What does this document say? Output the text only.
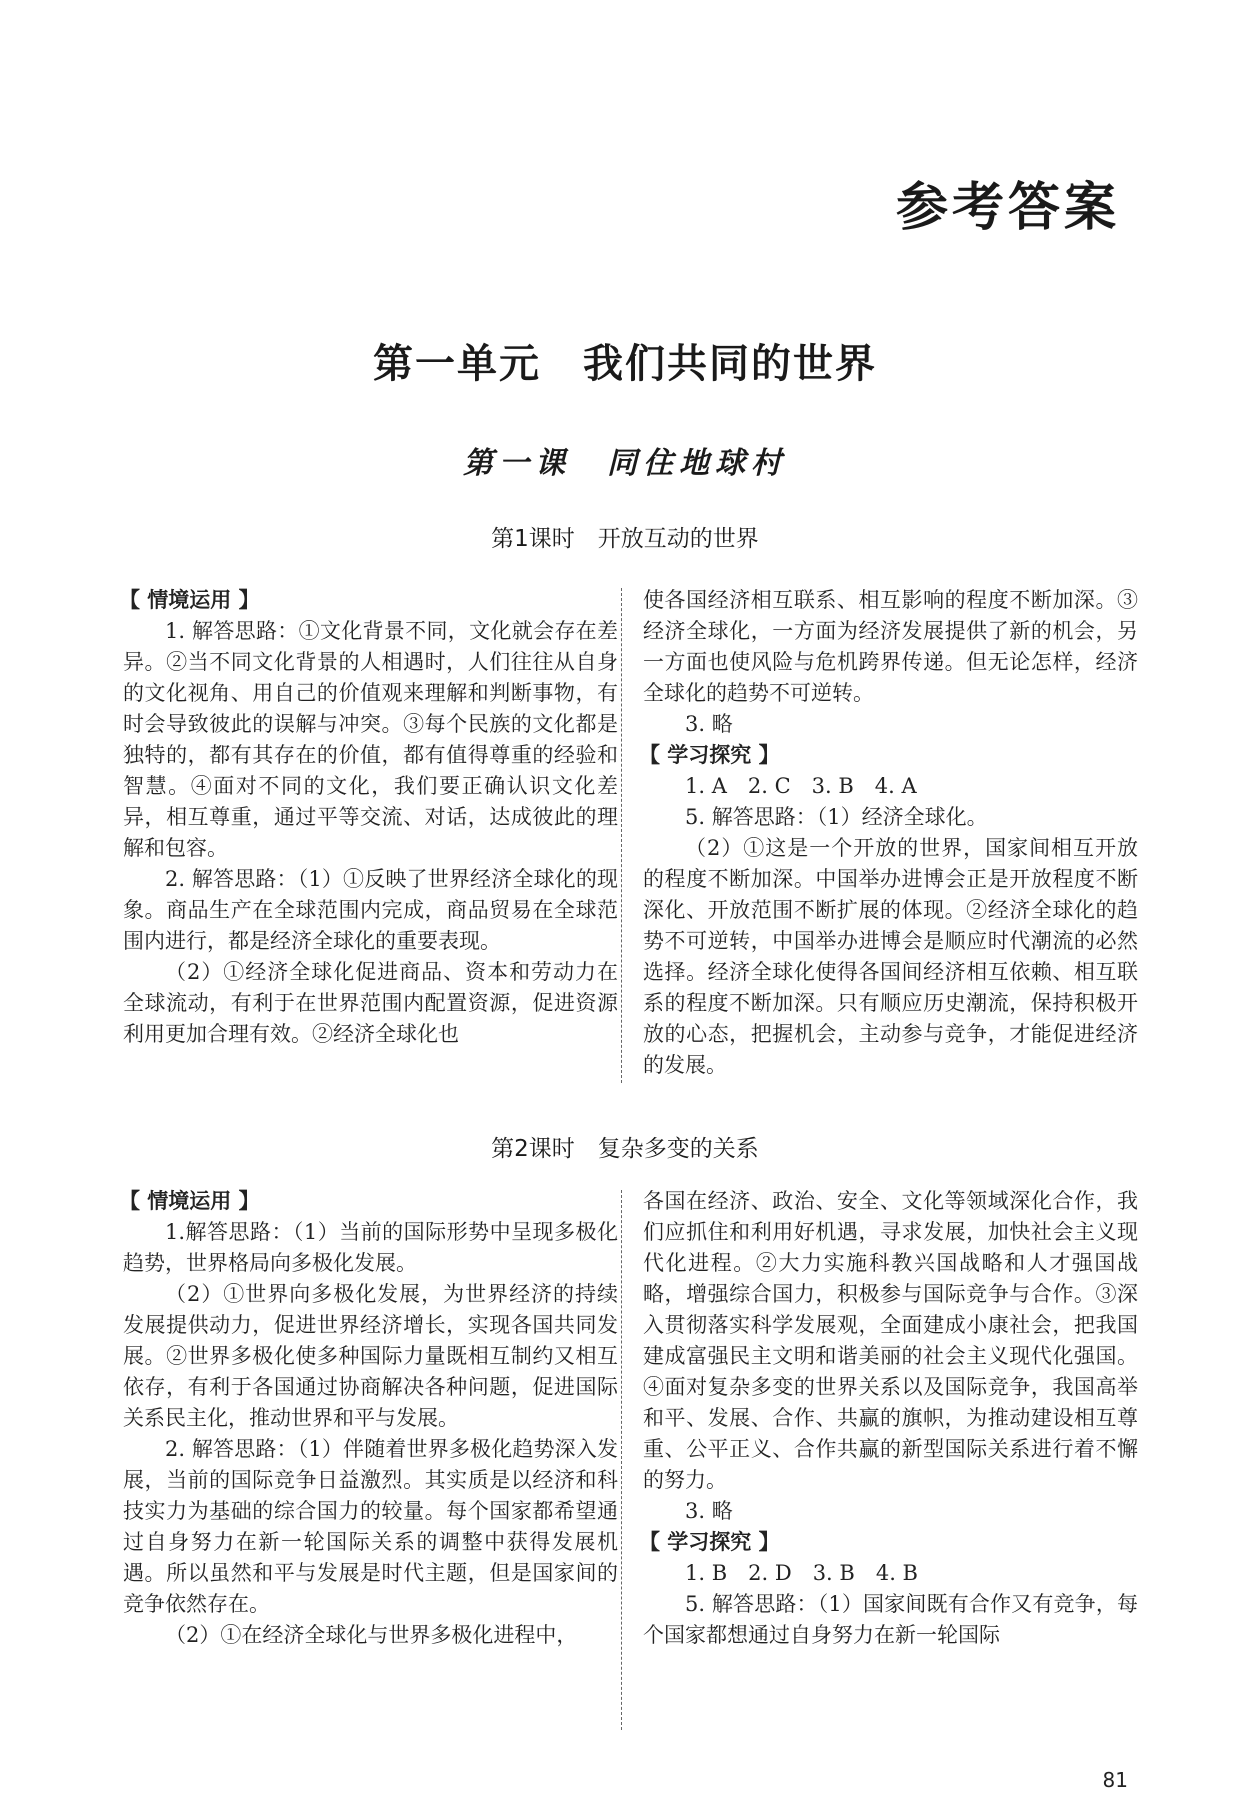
参考答案
第一单元　我们共同的世界
第一课　同住地球村
第1课时　开放互动的世界

【 情境运用 】

1. 解答思路：①文化背景不同，文化就会存在差异。②当不同文化背景的人相遇时，人们往往从自身的文化视角、用自己的价值观来理解和判断事物，有时会导致彼此的误解与冲突。③每个民族的文化都是独特的，都有其存在的价值，都有值得尊重的经验和智慧。④面对不同的文化，我们要正确认识文化差异，相互尊重，通过平等交流、对话，达成彼此的理解和包容。

2. 解答思路：（1）①反映了世界经济全球化的现象。商品生产在全球范围内完成，商品贸易在全球范围内进行，都是经济全球化的重要表现。

（2）①经济全球化促进商品、资本和劳动力在全球流动，有利于在世界范围内配置资源，促进资源利用更加合理有效。②经济全球化也

使各国经济相互联系、相互影响的程度不断加深。③经济全球化，一方面为经济发展提供了新的机会，另一方面也使风险与危机跨界传递。但无论怎样，经济全球化的趋势不可逆转。

3. 略

【 学习探究 】

1. A　2. C　3. B　4. A

5. 解答思路：（1）经济全球化。

（2）①这是一个开放的世界，国家间相互开放的程度不断加深。中国举办进博会正是开放程度不断深化、开放范围不断扩展的体现。②经济全球化的趋势不可逆转，中国举办进博会是顺应时代潮流的必然选择。经济全球化使得各国间经济相互依赖、相互联系的程度不断加深。只有顺应历史潮流，保持积极开放的心态，把握机会，主动参与竞争，才能促进经济的发展。

第2课时　复杂多变的关系

【 情境运用 】

1.解答思路：（1）当前的国际形势中呈现多极化趋势，世界格局向多极化发展。

（2）①世界向多极化发展，为世界经济的持续发展提供动力，促进世界经济增长，实现各国共同发展。②世界多极化使多种国际力量既相互制约又相互依存，有利于各国通过协商解决各种问题，促进国际关系民主化，推动世界和平与发展。

2. 解答思路：（1）伴随着世界多极化趋势深入发展，当前的国际竞争日益激烈。其实质是以经济和科技实力为基础的综合国力的较量。每个国家都希望通过自身努力在新一轮国际关系的调整中获得发展机遇。所以虽然和平与发展是时代主题，但是国家间的竞争依然存在。

（2）①在经济全球化与世界多极化进程中，

各国在经济、政治、安全、文化等领域深化合作，我们应抓住和利用好机遇，寻求发展，加快社会主义现代化进程。②大力实施科教兴国战略和人才强国战略，增强综合国力，积极参与国际竞争与合作。③深入贯彻落实科学发展观，全面建成小康社会，把我国建成富强民主文明和谐美丽的社会主义现代化强国。④面对复杂多变的世界关系以及国际竞争，我国高举和平、发展、合作、共赢的旗帜，为推动建设相互尊重、公平正义、合作共赢的新型国际关系进行着不懈的努力。

3. 略

【 学习探究 】

1. B　2. D　3. B　4. B

5. 解答思路：（1）国家间既有合作又有竞争，每个国家都想通过自身努力在新一轮国际

81
